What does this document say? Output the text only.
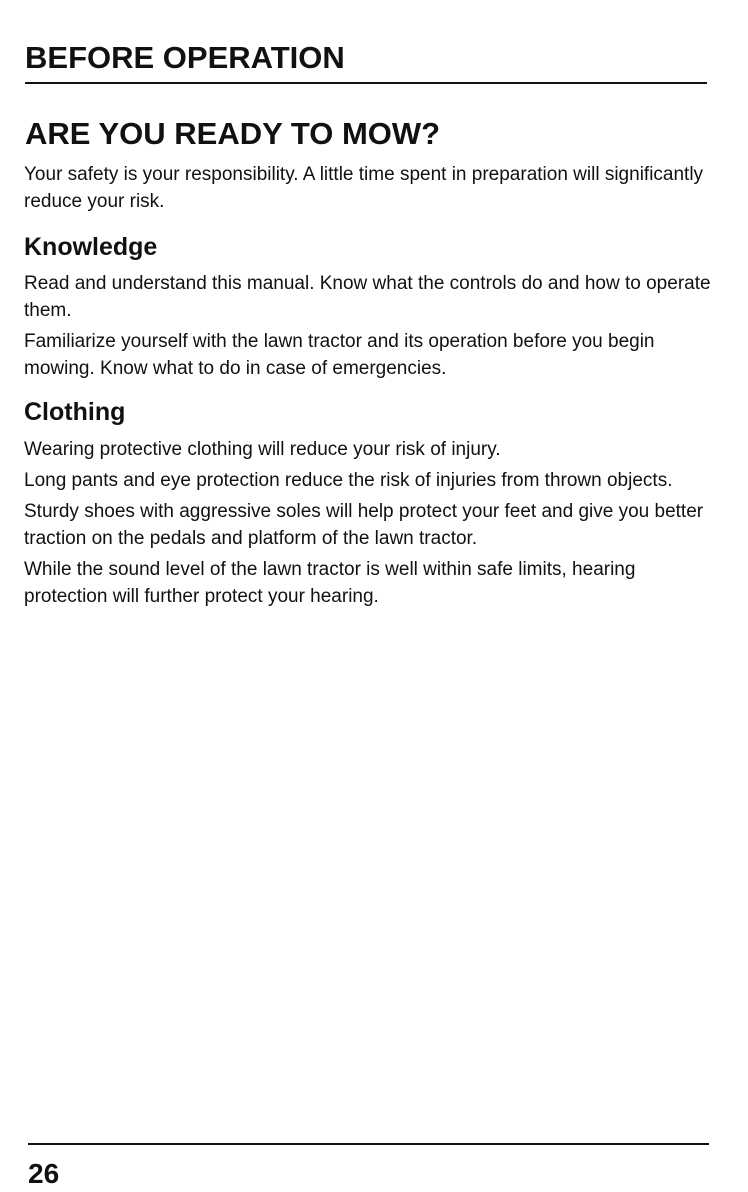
BEFORE OPERATION
ARE YOU READY TO MOW?

Your safety is your responsibility. A little time spent in preparation will significantly reduce your risk.

Knowledge

Read and understand this manual. Know what the controls do and how to operate them.

Familiarize yourself with the lawn tractor and its operation before you begin mowing. Know what to do in case of emergencies.

Clothing

Wearing protective clothing will reduce your risk of injury.

Long pants and eye protection reduce the risk of injuries from thrown objects.

Sturdy shoes with aggressive soles will help protect your feet and give you better traction on the pedals and platform of the lawn tractor.

While the sound level of the lawn tractor is well within safe limits, hearing protection will further protect your hearing.

26
